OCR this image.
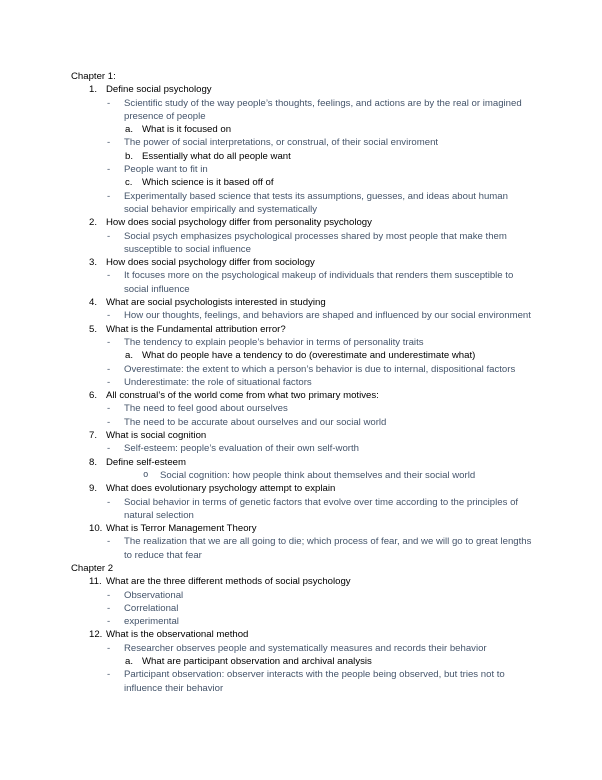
Chapter 1:
1. Define social psychology
- Scientific study of the way people’s thoughts, feelings, and actions are by the real or imagined presence of people
a. What is it focused on
- The power of social interpretations, or construal, of their social enviroment
b. Essentially what do all people want
- People want to fit in
c. Which science is it based off of
- Experimentally based science that tests its assumptions, guesses, and ideas about human social behavior empirically and systematically
2. How does social psychology differ from personality psychology
- Social psych emphasizes psychological processes shared by most people that make them susceptible to social influence
3. How does social psychology differ from sociology
- It focuses more on the psychological makeup of individuals that renders them susceptible to social influence
4. What are social psychologists interested in studying
- How our thoughts, feelings, and behaviors are shaped and influenced by our social environment
5. What is the Fundamental attribution error?
- The tendency to explain people’s behavior in terms of personality traits
a. What do people have a tendency to do (overestimate and underestimate what)
- Overestimate: the extent to which a person’s behavior is due to internal, dispositional factors
- Underestimate: the role of situational factors
6. All construal’s of the world come from what two primary motives:
- The need to feel good about ourselves
- The need to be accurate about ourselves and our social world
7. What is social cognition
- Self-esteem: people’s evaluation of their own self-worth
8. Define self-esteem
o Social cognition: how people think about themselves and their social world
9. What does evolutionary psychology attempt to explain
- Social behavior in terms of genetic factors that evolve over time according to the principles of natural selection
10. What is Terror Management Theory
- The realization that we are all going to die; which process of fear, and we will go to great lengths to reduce that fear
Chapter 2
11. What are the three different methods of social psychology
- Observational
- Correlational
- experimental
12. What is the observational method
- Researcher observes people and systematically measures and records their behavior
a. What are participant observation and archival analysis
- Participant observation: observer interacts with the people being observed, but tries not to influence their behavior
